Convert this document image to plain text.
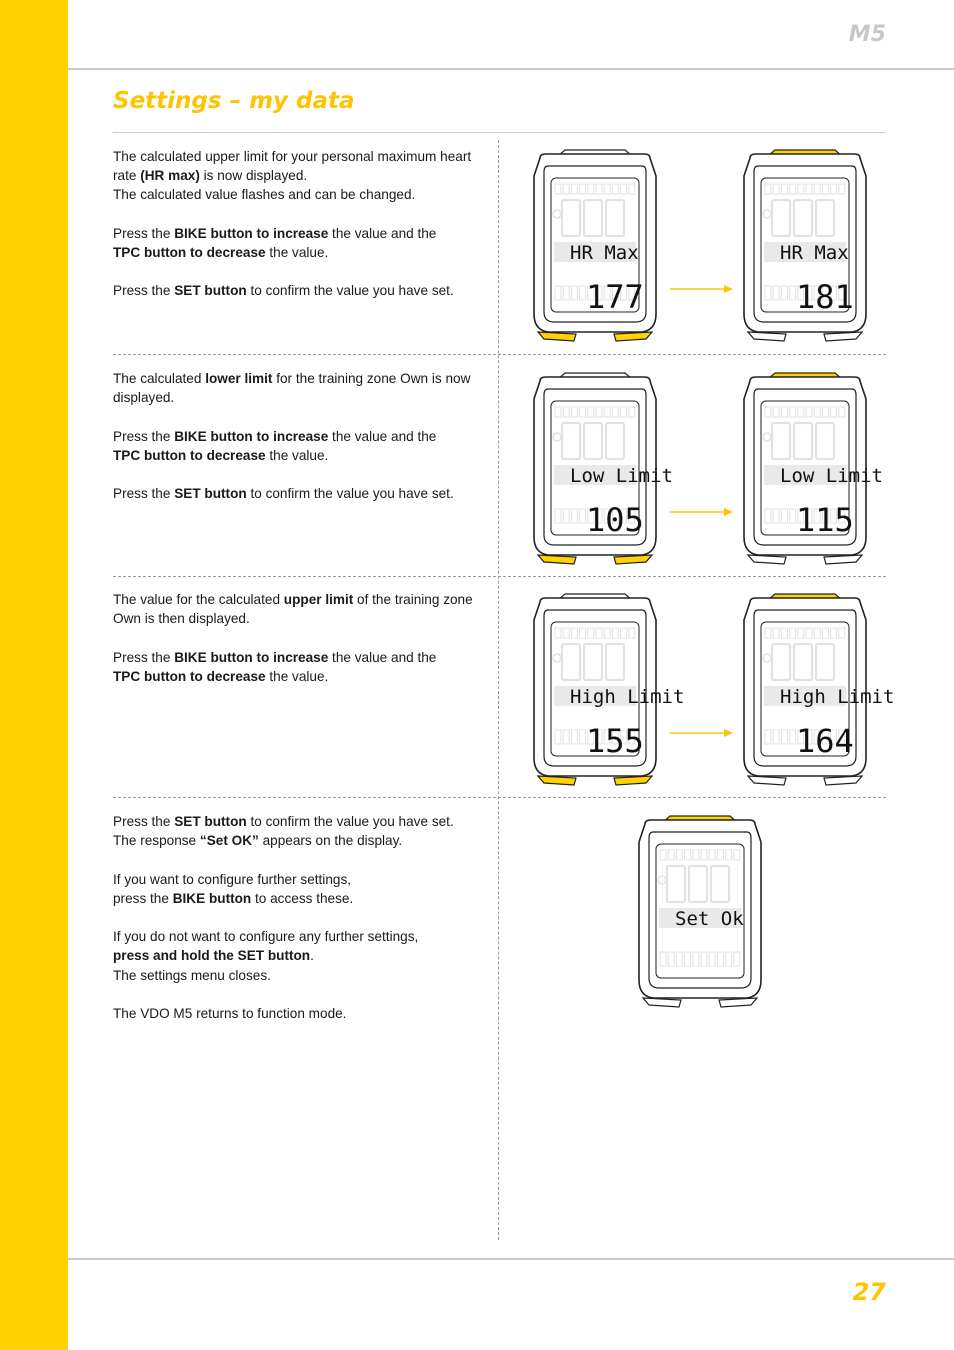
M5
Settings – my data

The calculated upper limit for your personal maximum heart rate (HR max) is now displayed.
The calculated value flashes and can be changed.

Press the BIKE button to increase the value and the
TPC button to decrease the value.

Press the SET button to confirm the value you have set.

HR Max
177
HR Max
181

The calculated lower limit for the training zone Own is now displayed.

Press the BIKE button to increase the value and the
TPC button to decrease the value.

Press the SET button to confirm the value you have set.

Low Limit
105
Low Limit
115

The value for the calculated upper limit of the training zone Own is then displayed.

Press the BIKE button to increase the value and the
TPC button to decrease the value.

High Limit
155
High Limit
164

Press the SET button to confirm the value you have set.
The response “Set OK” appears on the display.

If you want to configure further settings,
press the BIKE button to access these.

If you do not want to configure any further settings,
press and hold the SET button.
The settings menu closes.

The VDO M5 returns to function mode.

Set Ok
27
